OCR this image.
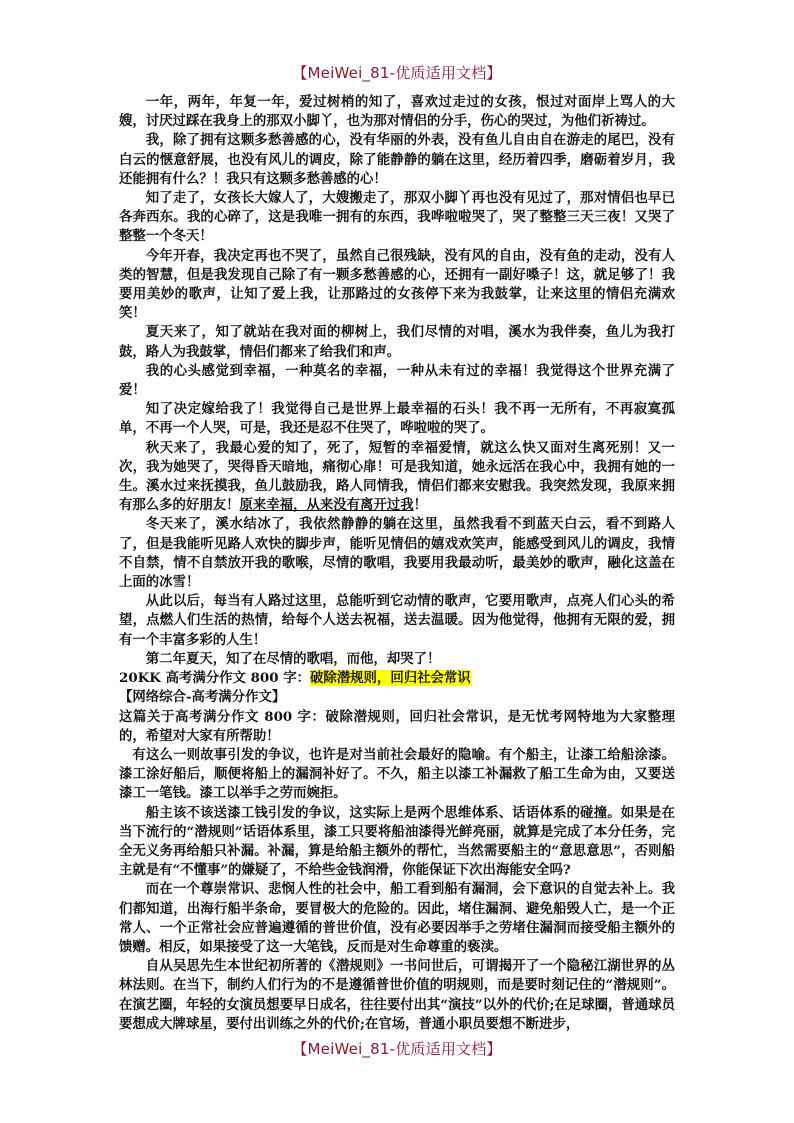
【MeiWei_81-优质适用文档】

一年，两年，年复一年，爱过树梢的知了，喜欢过走过的女孩，恨过对面岸上骂人的大嫂，讨厌过踩在我身上的那双小脚丫，也为那对情侣的分手，伤心的哭过，为他们祈祷过。

我，除了拥有这颗多愁善感的心，没有华丽的外表，没有鱼儿自由自在游走的尾巴，没有白云的惬意舒展，也没有风儿的调皮，除了能静静的躺在这里，经历着四季，磨砺着岁月，我还能拥有什么？！我只有这颗多愁善感的心！

知了走了，女孩长大嫁人了，大嫂搬走了，那双小脚丫再也没有见过了，那对情侣也早已各奔西东。我的心碎了，这是我唯一拥有的东西，我哗啦啦哭了，哭了整整三天三夜！又哭了整整一个冬天！

今年开春，我决定再也不哭了，虽然自己很残缺，没有风的自由，没有鱼的走动，没有人类的智慧，但是我发现自己除了有一颗多愁善感的心，还拥有一副好嗓子！这，就足够了！我要用美妙的歌声，让知了爱上我，让那路过的女孩停下来为我鼓掌，让来这里的情侣充满欢笑！

夏天来了，知了就站在我对面的柳树上，我们尽情的对唱，溪水为我伴奏，鱼儿为我打鼓，路人为我鼓掌，情侣们都来了给我们和声。

我的心头感觉到幸福，一种莫名的幸福，一种从未有过的幸福！我觉得这个世界充满了爱！

知了决定嫁给我了！我觉得自己是世界上最幸福的石头！我不再一无所有，不再寂寞孤单，不再一个人哭，可是，我还是忍不住哭了，哗啦啦的哭了。

秋天来了，我最心爱的知了，死了，短暂的幸福爱情，就这么快又面对生离死别！又一次，我为她哭了，哭得昏天暗地，痛彻心扉！可是我知道，她永远活在我心中，我拥有她的一生。溪水过来抚摸我，鱼儿鼓励我，路人同情我，情侣们都来安慰我。我突然发现，我原来拥有那么多的好朋友！原来幸福，从来没有离开过我！

冬天来了，溪水结冰了，我依然静静的躺在这里，虽然我看不到蓝天白云，看不到路人了，但是我能听见路人欢快的脚步声，能听见情侣的嬉戏欢笑声，能感受到风儿的调皮，我情不自禁，情不自禁放开我的歌喉，尽情的歌唱，我要用我最动听，最美妙的歌声，融化这盖在上面的冰雪！

从此以后，每当有人路过这里，总能听到它动情的歌声，它要用歌声，点亮人们心头的希望，点燃人们生活的热情，给每个人送去祝福，送去温暖。因为他觉得，他拥有无限的爱，拥有一个丰富多彩的人生！

第二年夏天，知了在尽情的歌唱，而他，却哭了！

20KK 高考满分作文 800 字：破除潜规则，回归社会常识

【网络综合-高考满分作文】

这篇关于高考满分作文 800 字：破除潜规则，回归社会常识，是无忧考网特地为大家整理的，希望对大家有所帮助！

有这么一则故事引发的争议，也许是对当前社会最好的隐喻。有个船主，让漆工给船涂漆。漆工涂好船后，顺便将船上的漏洞补好了。不久，船主以漆工补漏救了船工生命为由，又要送漆工一笔钱。漆工以举手之劳而婉拒。

船主该不该送漆工钱引发的争议，这实际上是两个思维体系、话语体系的碰撞。如果是在当下流行的“潜规则”话语体系里，漆工只要将船油漆得光鲜亮丽，就算是完成了本分任务，完全无义务再给船只补漏。补漏，算是给船主额外的帮忙，当然需要船主的“意思意思”，否则船主就是有“不懂事”的嫌疑了，不给些金钱润滑，你能保证下次出海能安全吗?

而在一个尊崇常识、悲悯人性的社会中，船工看到船有漏洞，会下意识的自觉去补上。我们都知道，出海行船半条命，要冒极大的危险的。因此，堵住漏洞、避免船毁人亡，是一个正常人、一个正常社会应普遍遵循的普世价值，没有必要因举手之劳堵住漏洞而接受船主额外的馈赠。相反，如果接受了这一大笔钱，反而是对生命尊重的亵渎。

自从吴思先生本世纪初所著的《潜规则》一书问世后，可谓揭开了一个隐秘江湖世界的丛林法则。在当下，制约人们行为的不是遵循普世价值的明规则，而是要时刻记住的“潜规则”。在演艺圈，年轻的女演员想要早日成名，往往要付出其“演技”以外的代价;在足球圈，普通球员要想成大牌球星，要付出训练之外的代价;在官场，普通小职员要想不断进步，

【MeiWei_81-优质适用文档】
